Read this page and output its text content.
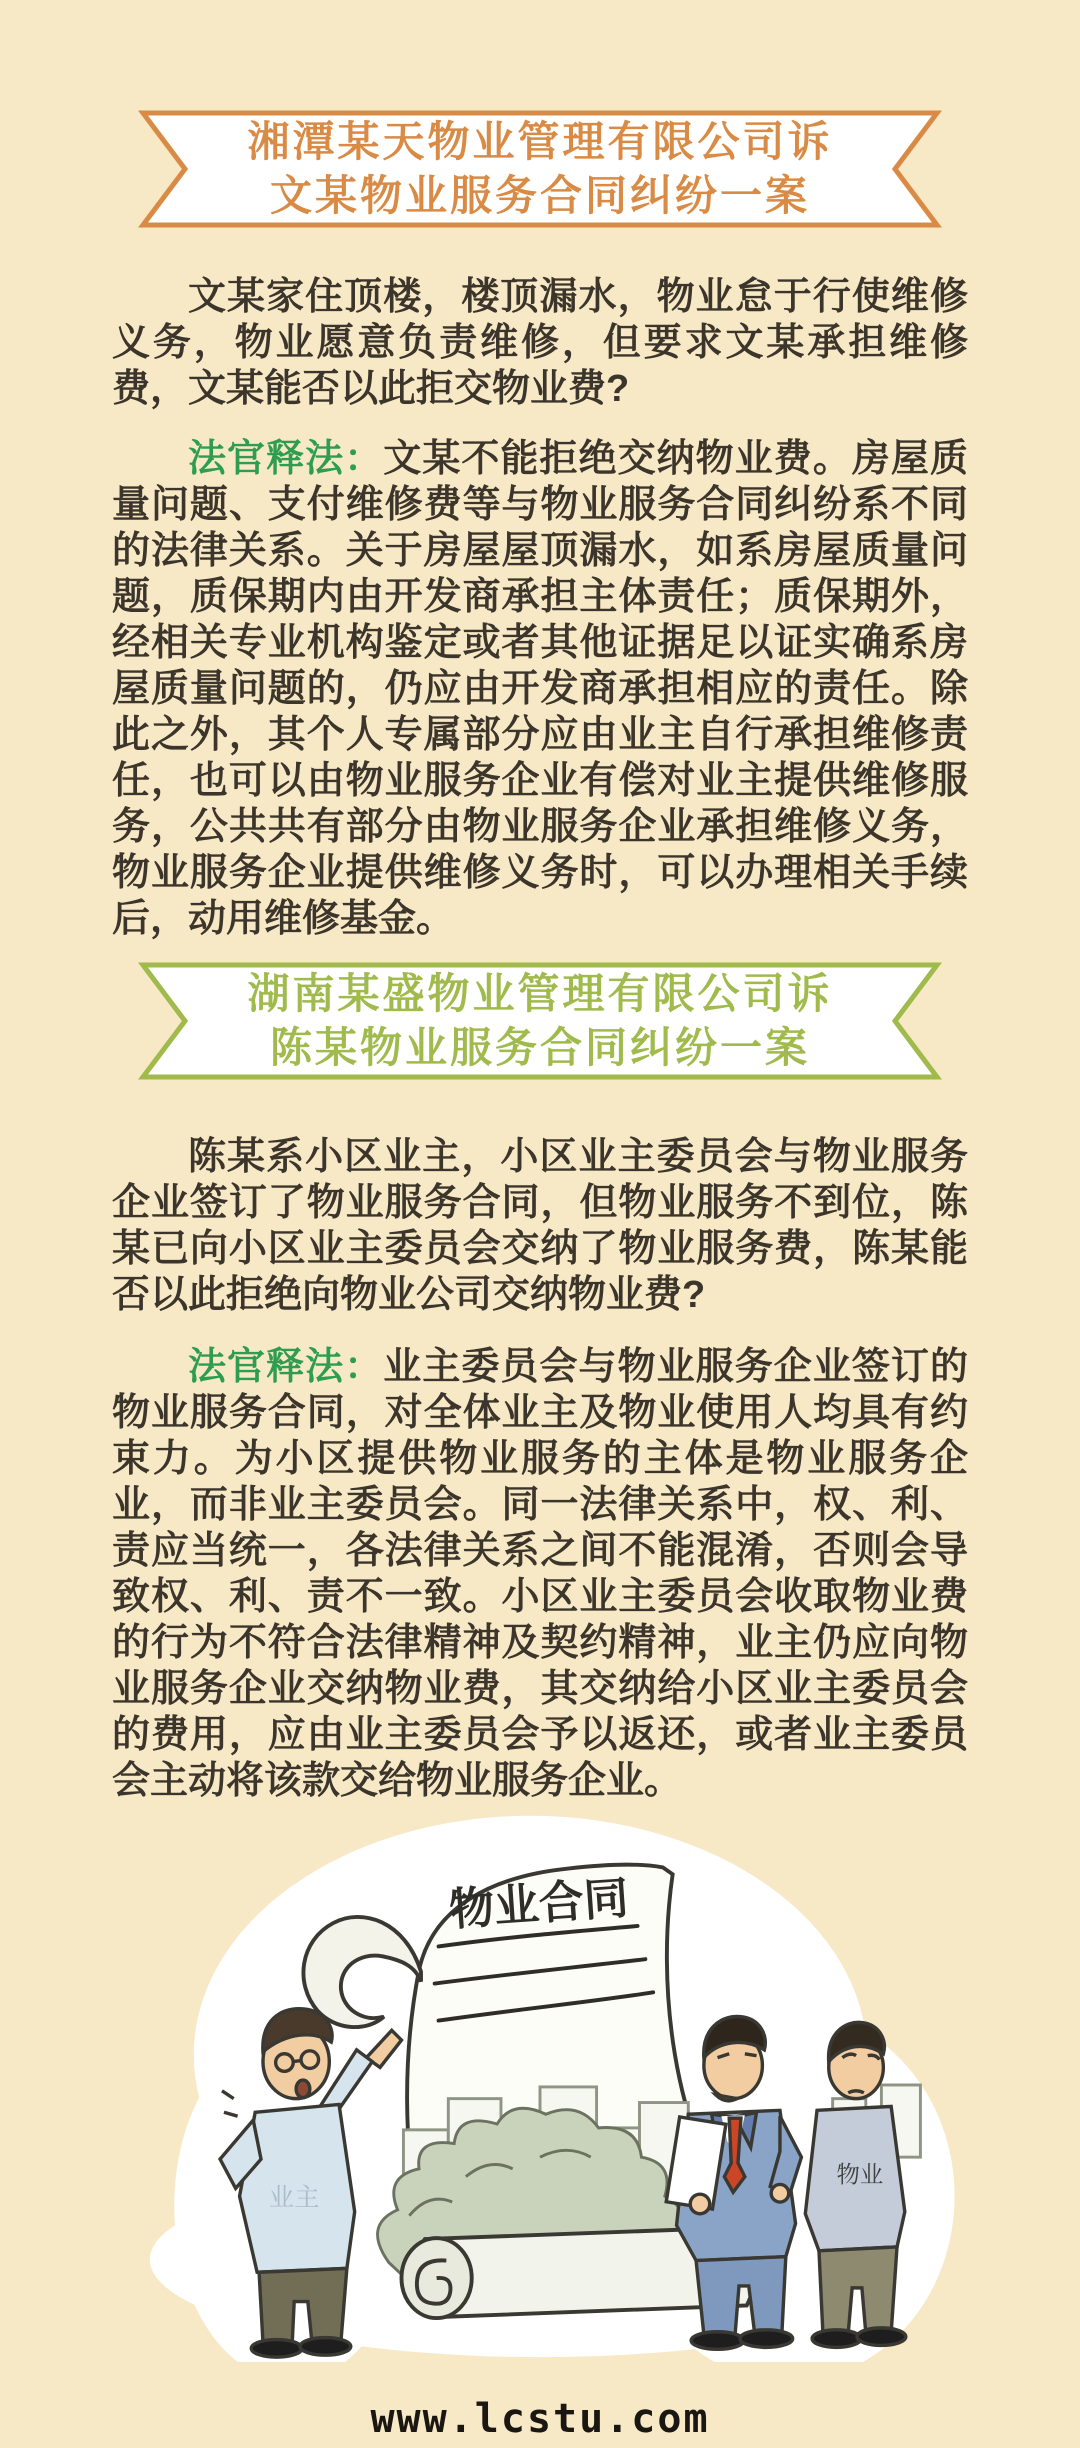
湘潭某天物业管理有限公司诉
文某物业服务合同纠纷一案

文某家住顶楼，楼顶漏水，物业怠于行使维修义务，物业愿意负责维修，但要求文某承担维修费，文某能否以此拒交物业费?

法官释法：文某不能拒绝交纳物业费。房屋质量问题、支付维修费等与物业服务合同纠纷系不同的法律关系。关于房屋屋顶漏水，如系房屋质量问题，质保期内由开发商承担主体责任；质保期外，经相关专业机构鉴定或者其他证据足以证实确系房屋质量问题的，仍应由开发商承担相应的责任。除此之外，其个人专属部分应由业主自行承担维修责任，也可以由物业服务企业有偿对业主提供维修服务，公共共有部分由物业服务企业承担维修义务，物业服务企业提供维修义务时，可以办理相关手续后，动用维修基金。

湖南某盛物业管理有限公司诉
陈某物业服务合同纠纷一案

陈某系小区业主，小区业主委员会与物业服务企业签订了物业服务合同，但物业服务不到位，陈某已向小区业主委员会交纳了物业服务费，陈某能否以此拒绝向物业公司交纳物业费?

法官释法：业主委员会与物业服务企业签订的物业服务合同，对全体业主及物业使用人均具有约束力。为小区提供物业服务的主体是物业服务企业，而非业主委员会。同一法律关系中，权、利、责应当统一，各法律关系之间不能混淆，否则会导致权、利、责不一致。小区业主委员会收取物业费的行为不符合法律精神及契约精神，业主仍应向物业服务企业交纳物业费，其交纳给小区业主委员会的费用，应由业主委员会予以返还，或者业主委员会主动将该款交给物业服务企业。

物业合同
业主
物业
www.lcstu.com
